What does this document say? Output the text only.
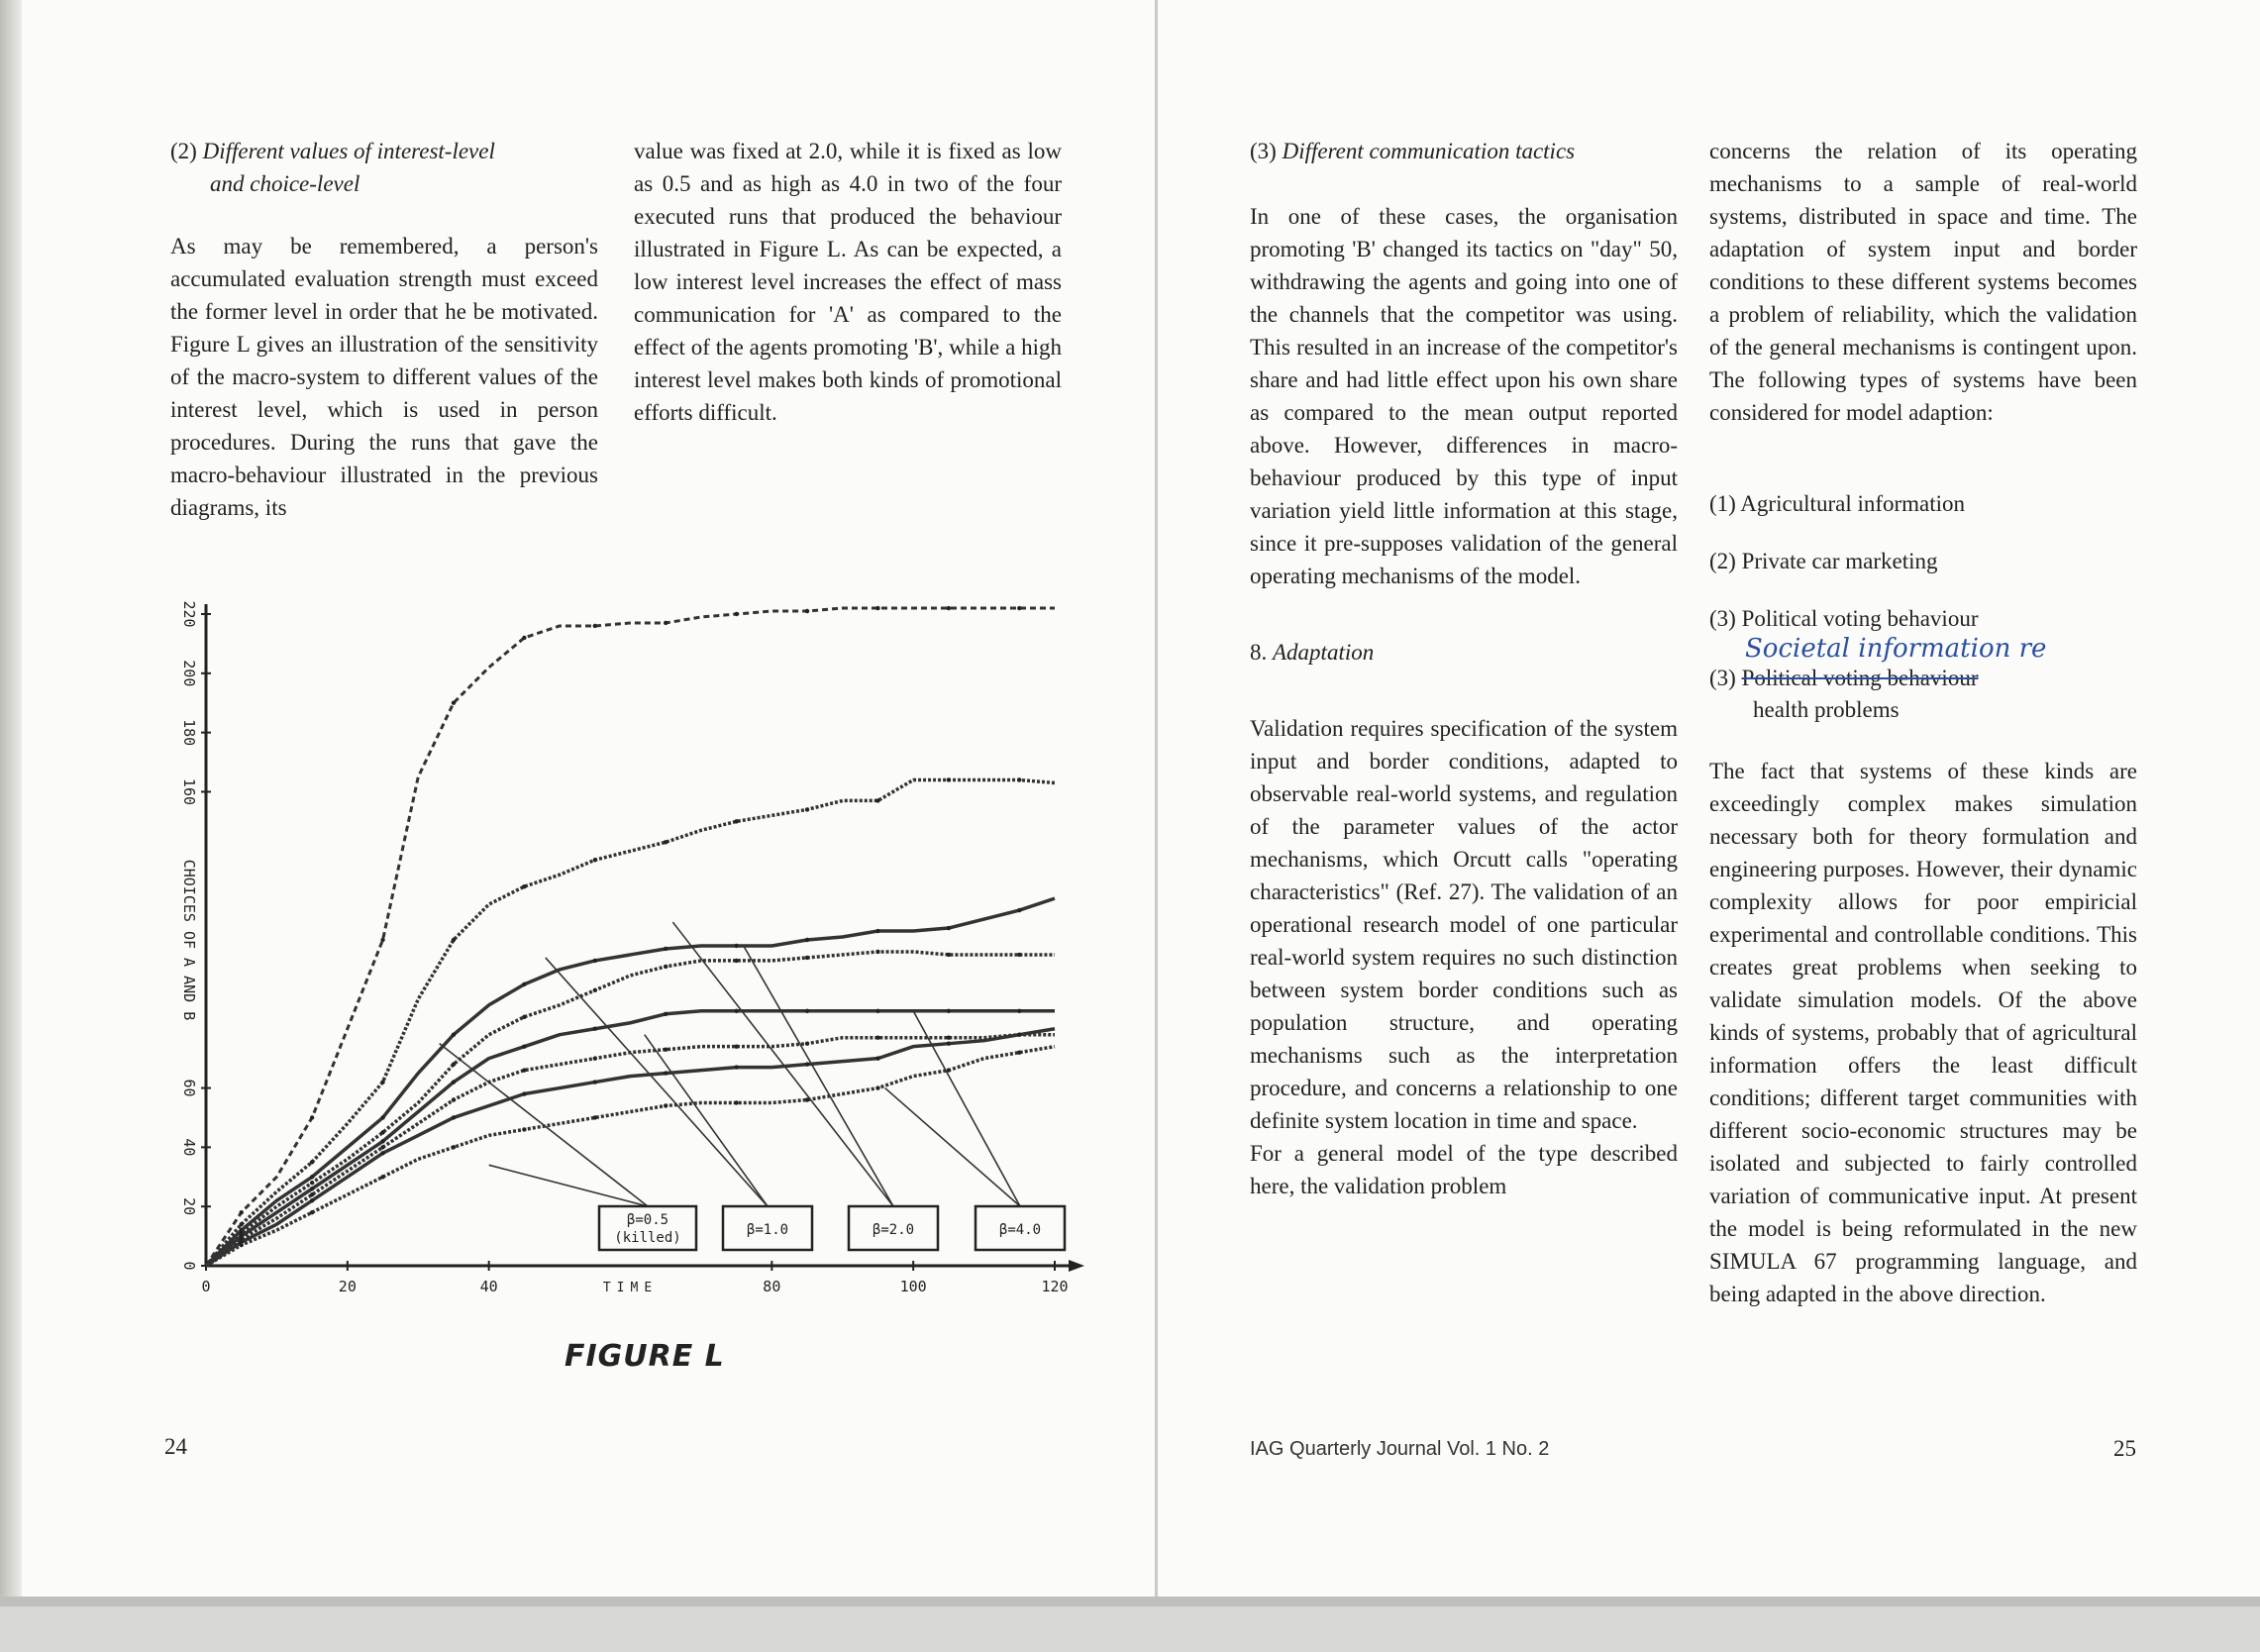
(2) Different values of interest-level
and choice-level

As may be remembered, a person's accumulated evaluation strength must exceed the former level in order that he be motivated. Figure L gives an illustration of the sensitivity of the macro-system to different values of the interest level, which is used in person procedures. During the runs that gave the macro-behaviour illustrated in the previous diagrams, its

value was fixed at 2.0, while it is fixed as low as 0.5 and as high as 4.0 in two of the four executed runs that produced the behaviour illustrated in Figure L. As can be expected, a low interest level increases the effect of mass communication for 'A' as compared to the effect of the agents promoting 'B', while a high interest level makes both kinds of promotional efforts difficult.

0	20	40	80	100	120
TIME
0
20
40
60
160
180
200
220
CHOICES OF A AND B
β=0.5
(killed)	β=1.0	β=2.0	β=4.0
FIGURE L
24
(3) Different communication tactics

In one of these cases, the organisation promoting 'B' changed its tactics on "day" 50, withdrawing the agents and going into one of the channels that the competitor was using. This resulted in an increase of the competitor's share and had little effect upon his own share as compared to the mean output reported above. However, differences in macro-behaviour produced by this type of input variation yield little information at this stage, since it pre-supposes validation of the general operating mechanisms of the model.

8. Adaptation

Validation requires specification of the system input and border conditions, adapted to observable real-world systems, and regulation of the parameter values of the actor mechanisms, which Orcutt calls "operating characteristics" (Ref. 27). The validation of an operational research model of one particular real-world system requires no such distinction between system border conditions such as population structure, and operating mechanisms such as the interpretation procedure, and concerns a relationship to one definite system location in time and space.

For a general model of the type described here, the validation problem

concerns the relation of its operating mechanisms to a sample of real-world systems, distributed in space and time. The adaptation of system input and border conditions to these different systems becomes a problem of reliability, which the validation of the general mechanisms is contingent upon. The following types of systems have been considered for model adaption:

(1) Agricultural information
(2) Private car marketing
(3) Political voting behaviour
Societal information re
(3) Political voting behaviour
health problems

The fact that systems of these kinds are exceedingly complex makes simulation necessary both for theory formulation and engineering purposes. However, their dynamic complexity allows for poor empiricial experimental and controllable conditions. This creates great problems when seeking to validate simulation models. Of the above kinds of systems, probably that of agricultural information offers the least difficult conditions; different target communities with different socio-economic structures may be isolated and subjected to fairly controlled variation of communicative input. At present the model is being reformulated in the new SIMULA 67 programming language, and being adapted in the above direction.

IAG Quarterly Journal Vol. 1 No. 2	25
